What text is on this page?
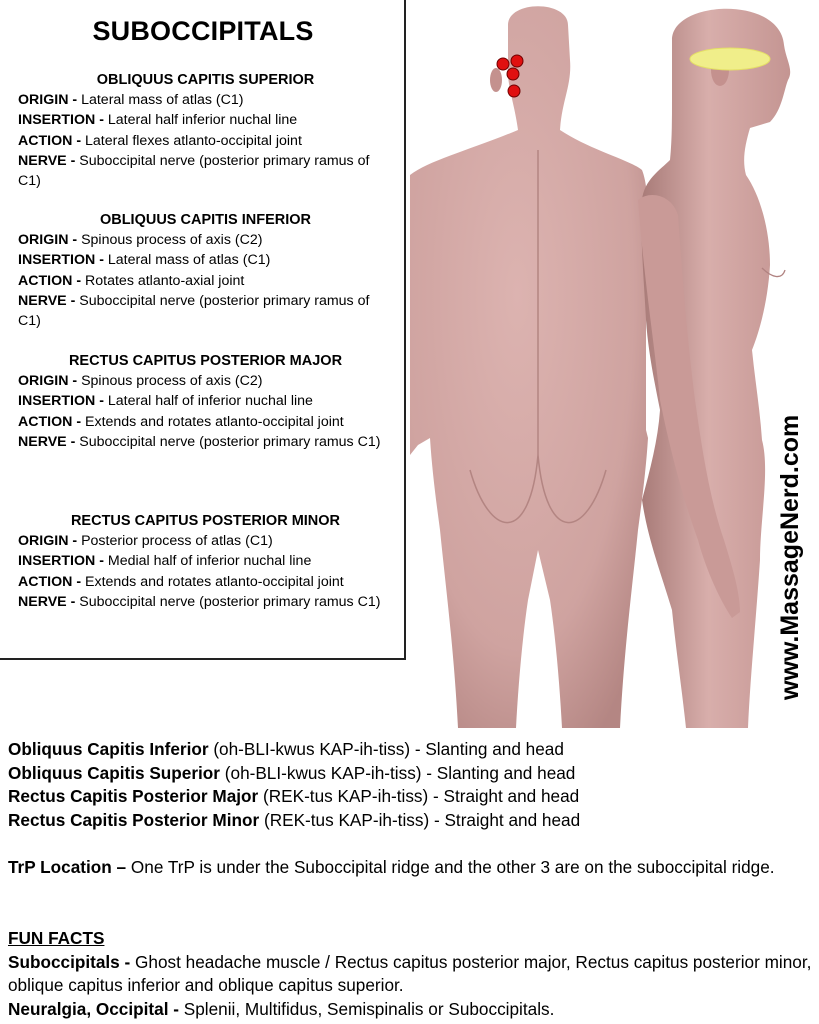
SUBOCCIPITALS
OBLIQUUS CAPITIS SUPERIOR
ORIGIN - Lateral mass of atlas (C1)
INSERTION - Lateral half inferior nuchal line
ACTION - Lateral flexes atlanto-occipital joint
NERVE - Suboccipital nerve (posterior primary ramus of C1)
OBLIQUUS CAPITIS INFERIOR
ORIGIN - Spinous process of axis (C2)
INSERTION - Lateral mass of atlas (C1)
ACTION - Rotates atlanto-axial joint
NERVE - Suboccipital nerve (posterior primary ramus of C1)
RECTUS CAPITUS POSTERIOR MAJOR
ORIGIN - Spinous process of axis (C2)
INSERTION - Lateral half of inferior nuchal line
ACTION - Extends and rotates atlanto-occipital joint
NERVE - Suboccipital nerve (posterior primary ramus C1)
RECTUS CAPITUS POSTERIOR MINOR
ORIGIN - Posterior process of atlas (C1)
INSERTION - Medial half of inferior nuchal line
ACTION - Extends and rotates atlanto-occipital joint
NERVE - Suboccipital nerve (posterior primary ramus C1)	www.MassageNerd.com
Obliquus Capitis Inferior (oh-BLI-kwus KAP-ih-tiss) - Slanting and head
Obliquus Capitis Superior (oh-BLI-kwus KAP-ih-tiss) - Slanting and head
Rectus Capitis Posterior Major (REK-tus KAP-ih-tiss) - Straight and head
Rectus Capitis Posterior Minor (REK-tus KAP-ih-tiss) - Straight and head
TrP Location – One TrP is under the Suboccipital ridge and the other 3 are on the suboccipital ridge.
FUN FACTS
Suboccipitals - Ghost headache muscle / Rectus capitus posterior major, Rectus capitus posterior minor, oblique capitus inferior and oblique capitus superior.
Neuralgia, Occipital - Splenii, Multifidus, Semispinalis or Suboccipitals.
